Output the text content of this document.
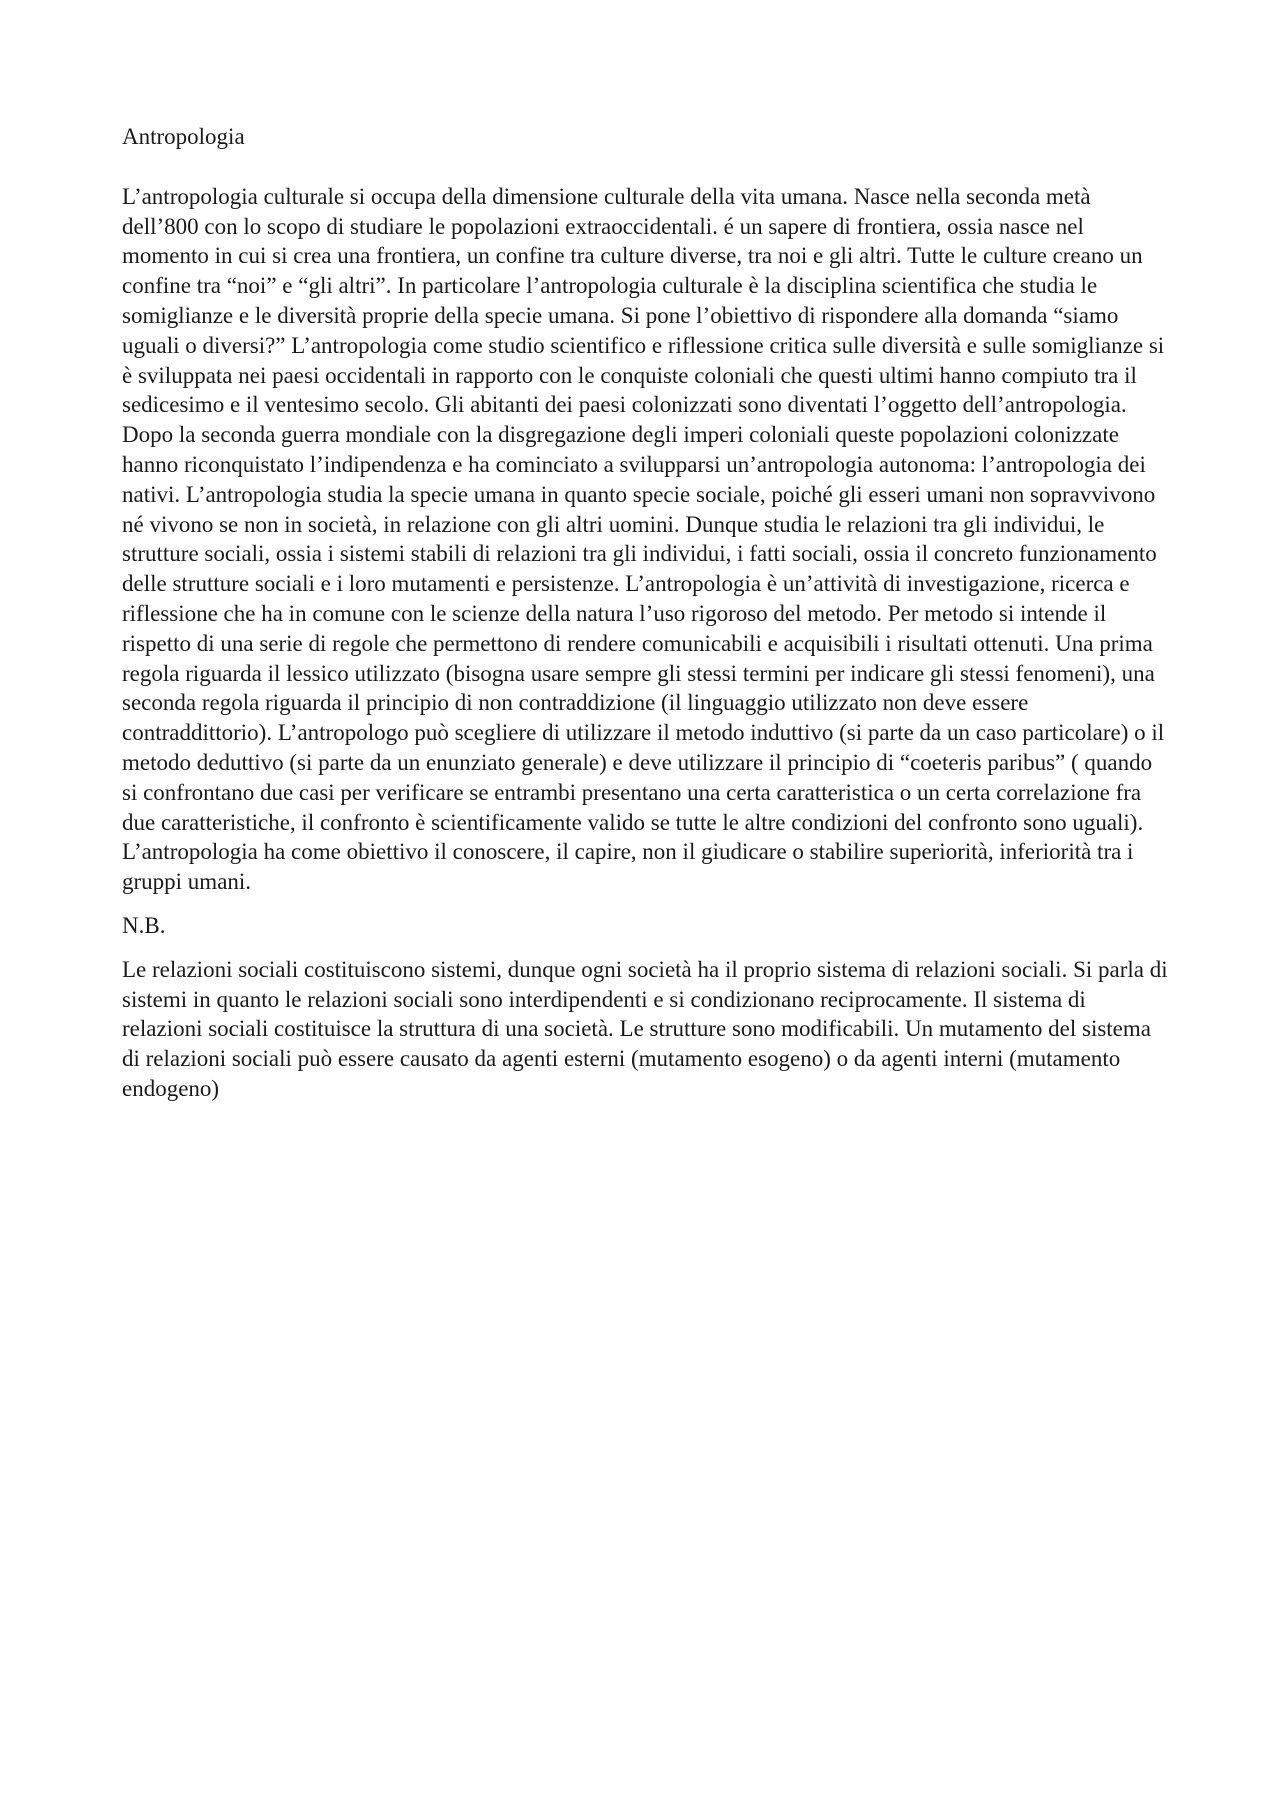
Antropologia

L’antropologia culturale si occupa della dimensione culturale della vita umana. Nasce nella seconda metà dell’800 con lo scopo di studiare le popolazioni extraoccidentali. é un sapere di frontiera, ossia nasce nel momento in cui si crea una frontiera, un confine tra culture diverse, tra noi e gli altri. Tutte le culture creano un confine tra “noi” e “gli altri”. In particolare l’antropologia culturale è la disciplina scientifica che studia le somiglianze e le diversità proprie della specie umana. Si pone l’obiettivo di rispondere alla domanda “siamo uguali o diversi?” L’antropologia come studio scientifico e riflessione critica sulle diversità e sulle somiglianze si è sviluppata nei paesi occidentali in rapporto con le conquiste coloniali che questi ultimi hanno compiuto tra il sedicesimo e il ventesimo secolo. Gli abitanti dei paesi colonizzati sono diventati l’oggetto dell’antropologia. Dopo la seconda guerra mondiale con la disgregazione degli imperi coloniali queste popolazioni colonizzate hanno riconquistato l’indipendenza e ha cominciato a svilupparsi un’antropologia autonoma: l’antropologia dei nativi. L’antropologia studia la specie umana in quanto specie sociale, poiché gli esseri umani non sopravvivono né vivono se non in società, in relazione con gli altri uomini. Dunque studia le relazioni tra gli individui, le strutture sociali, ossia i sistemi stabili di relazioni tra gli individui, i fatti sociali, ossia il concreto funzionamento delle strutture sociali e i loro mutamenti e persistenze. L’antropologia è un’attività di investigazione, ricerca e riflessione che ha in comune con le scienze della natura l’uso rigoroso del metodo. Per metodo si intende il rispetto di una serie di regole che permettono di rendere comunicabili e acquisibili i risultati ottenuti. Una prima regola riguarda il lessico utilizzato (bisogna usare sempre gli stessi termini per indicare gli stessi fenomeni), una seconda regola riguarda il principio di non contraddizione (il linguaggio utilizzato non deve essere contraddittorio). L’antropologo può scegliere di utilizzare il metodo induttivo (si parte da un caso particolare) o il metodo deduttivo (si parte da un enunziato generale) e deve utilizzare il principio di “coeteris paribus” ( quando si confrontano due casi per verificare se entrambi presentano una certa caratteristica o un certa correlazione fra due caratteristiche, il confronto è scientificamente valido se tutte le altre condizioni del confronto sono uguali).

L’antropologia ha come obiettivo il conoscere, il capire, non il giudicare o stabilire superiorità, inferiorità tra i gruppi umani.

N.B.

Le relazioni sociali costituiscono sistemi, dunque ogni società ha il proprio sistema di relazioni sociali. Si parla di sistemi in quanto le relazioni sociali sono interdipendenti e si condizionano reciprocamente. Il sistema di relazioni sociali costituisce la struttura di una società. Le strutture sono modificabili. Un mutamento del sistema di relazioni sociali può essere causato da agenti esterni (mutamento esogeno) o da agenti interni (mutamento endogeno)
